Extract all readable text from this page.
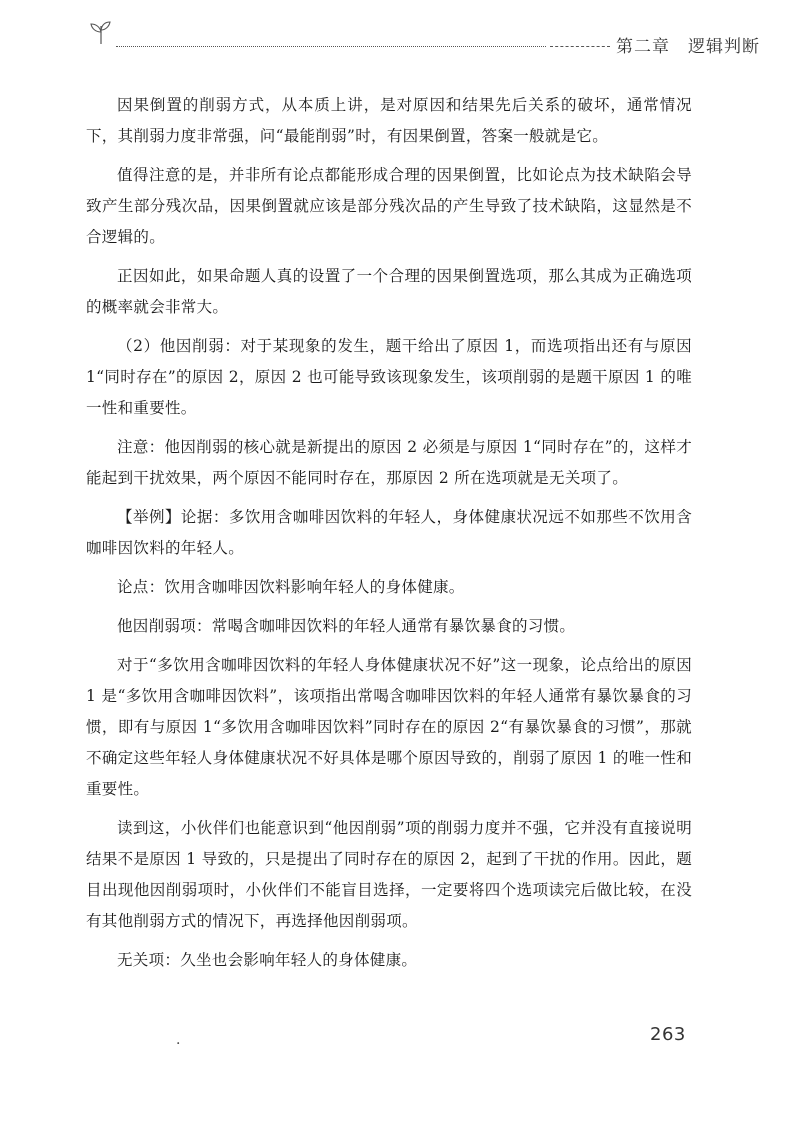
第二章　逻辑判断

因果倒置的削弱方式，从本质上讲，是对原因和结果先后关系的破坏，通常情况下，其削弱力度非常强，问“最能削弱”时，有因果倒置，答案一般就是它。

值得注意的是，并非所有论点都能形成合理的因果倒置，比如论点为技术缺陷会导致产生部分残次品，因果倒置就应该是部分残次品的产生导致了技术缺陷，这显然是不合逻辑的。

正因如此，如果命题人真的设置了一个合理的因果倒置选项，那么其成为正确选项的概率就会非常大。

（2）他因削弱：对于某现象的发生，题干给出了原因 1，而选项指出还有与原因 1“同时存在”的原因 2，原因 2 也可能导致该现象发生，该项削弱的是题干原因 1 的唯一性和重要性。

注意：他因削弱的核心就是新提出的原因 2 必须是与原因 1“同时存在”的，这样才能起到干扰效果，两个原因不能同时存在，那原因 2 所在选项就是无关项了。

【举例】论据：多饮用含咖啡因饮料的年轻人，身体健康状况远不如那些不饮用含咖啡因饮料的年轻人。

论点：饮用含咖啡因饮料影响年轻人的身体健康。

他因削弱项：常喝含咖啡因饮料的年轻人通常有暴饮暴食的习惯。

对于“多饮用含咖啡因饮料的年轻人身体健康状况不好”这一现象，论点给出的原因 1 是“多饮用含咖啡因饮料”，该项指出常喝含咖啡因饮料的年轻人通常有暴饮暴食的习惯，即有与原因 1“多饮用含咖啡因饮料”同时存在的原因 2“有暴饮暴食的习惯”，那就不确定这些年轻人身体健康状况不好具体是哪个原因导致的，削弱了原因 1 的唯一性和重要性。

读到这，小伙伴们也能意识到“他因削弱”项的削弱力度并不强，它并没有直接说明结果不是原因 1 导致的，只是提出了同时存在的原因 2，起到了干扰的作用。因此，题目出现他因削弱项时，小伙伴们不能盲目选择，一定要将四个选项读完后做比较，在没有其他削弱方式的情况下，再选择他因削弱项。

无关项：久坐也会影响年轻人的身体健康。

·	263
